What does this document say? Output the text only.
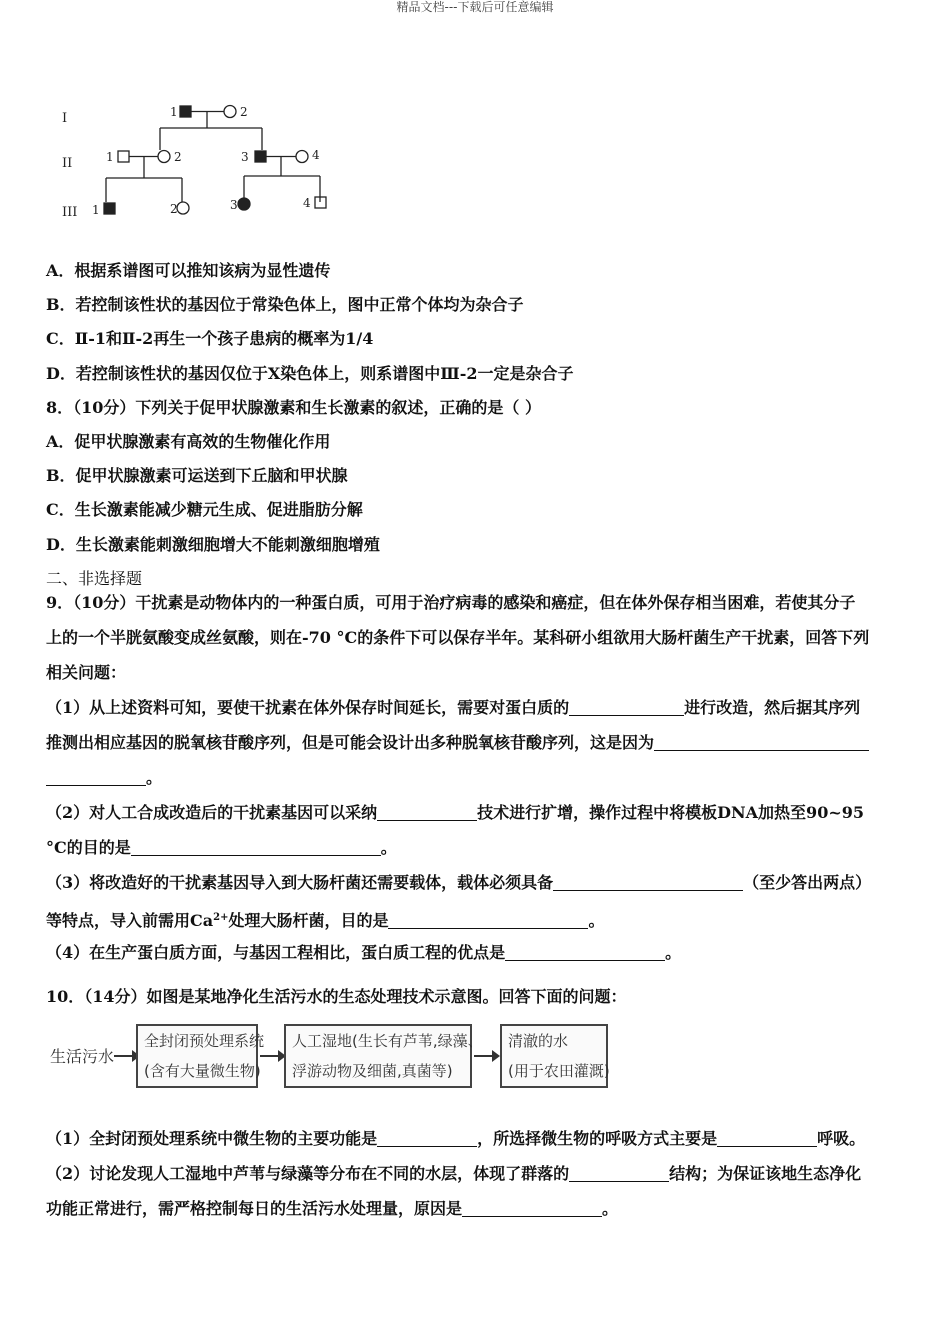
精品文档---下载后可任意编辑
I
II
III
1	2
1	2	3	4
1	2	3	4
A．根据系谱图可以推知该病为显性遗传
B．若控制该性状的基因位于常染色体上，图中正常个体均为杂合子
C．Ⅱ-1和Ⅱ-2再生一个孩子患病的概率为1/4
D．若控制该性状的基因仅位于X染色体上，则系谱图中Ⅲ-2一定是杂合子
8．（10分）下列关于促甲状腺激素和生长激素的叙述，正确的是（ ）
A．促甲状腺激素有高效的生物催化作用
B．促甲状腺激素可运送到下丘脑和甲状腺
C．生长激素能减少糖元生成、促进脂肪分解
D．生长激素能刺激细胞增大不能刺激细胞增殖
二、非选择题
9．（10分）干扰素是动物体内的一种蛋白质，可用于治疗病毒的感染和癌症，但在体外保存相当困难，若使其分子
上的一个半胱氨酸变成丝氨酸，则在-70 °C的条件下可以保存半年。某科研小组欲用大肠杆菌生产干扰素，回答下列
相关问题：
（1）从上述资料可知，要使干扰素在体外保存时间延长，需要对蛋白质的	进行改造，然后据其序列
推测出相应基因的脱氧核苷酸序列，但是可能会设计出多种脱氧核苷酸序列，这是因为
。
（2）对人工合成改造后的干扰素基因可以采纳	技术进行扩增，操作过程中将模板DNA加热至90~95
°C的目的是	。
（3）将改造好的干扰素基因导入到大肠杆菌还需要载体，载体必须具备	（至少答出两点）
等特点，导入前需用$Ca^{2+}$处理大肠杆菌，目的是	。
（4）在生产蛋白质方面，与基因工程相比，蛋白质工程的优点是	。
10．（14分）如图是某地净化生活污水的生态处理技术示意图。回答下面的问题：
生活污水
全封闭预处理系统
(含有大量微生物)
人工湿地(生长有芦苇,绿藻、
浮游动物及细菌,真菌等)
清澈的水
(用于农田灌溉)
（1）全封闭预处理系统中微生物的主要功能是	，所选择微生物的呼吸方式主要是	呼吸。
（2）讨论发现人工湿地中芦苇与绿藻等分布在不同的水层，体现了群落的	结构；为保证该地生态净化
功能正常进行，需严格控制每日的生活污水处理量，原因是	。
